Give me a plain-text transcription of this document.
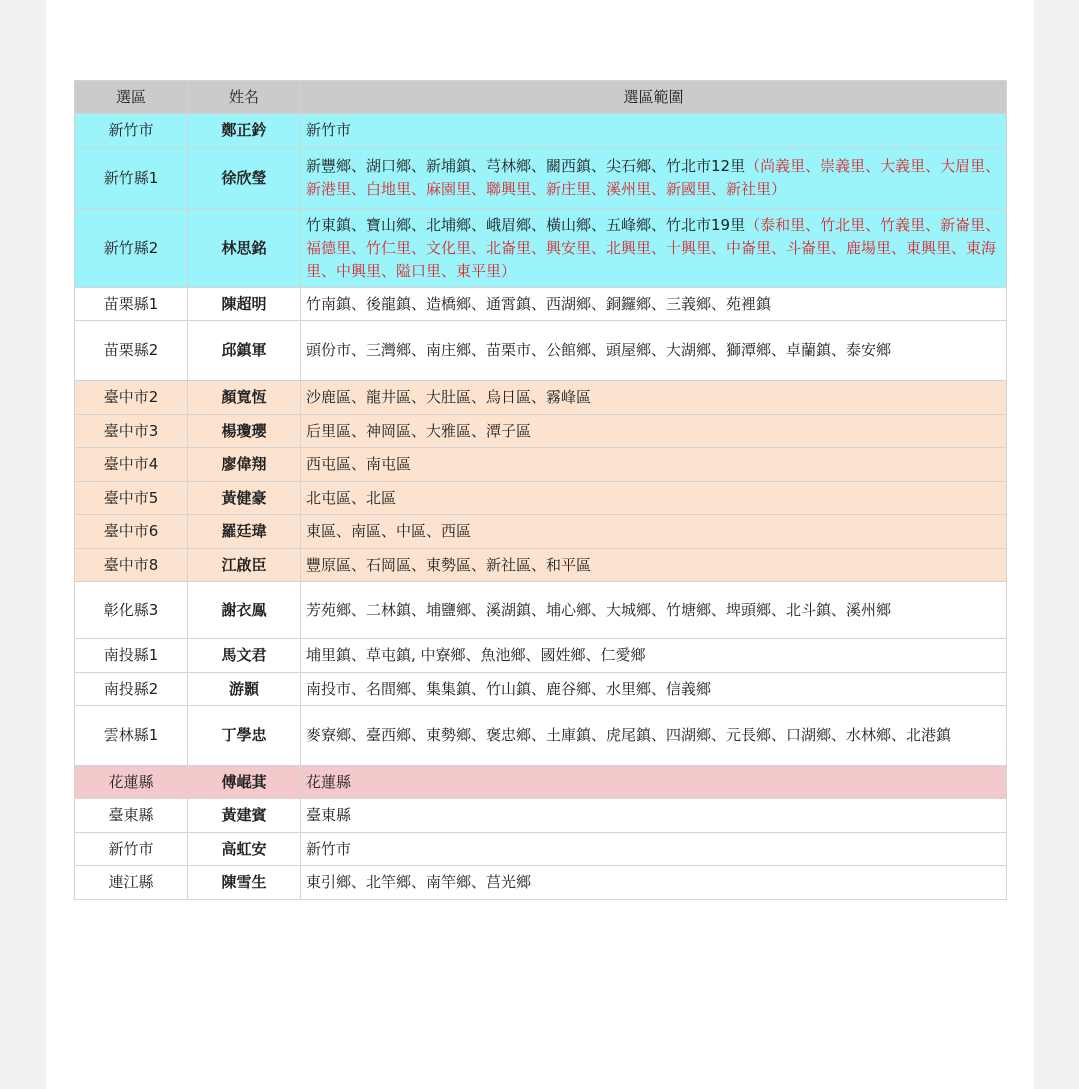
選區	姓名	選區範圍
新竹市	鄭正鈐	新竹市
新竹縣1	徐欣瑩	新豐鄉、湖口鄉、新埔鎮、芎林鄉、關西鎮、尖石鄉、竹北市12里（尚義里、崇義里、大義里、大眉里、新港里、白地里、麻園里、聯興里、新庄里、溪州里、新國里、新社里）
新竹縣2	林思銘	竹東鎮、寶山鄉、北埔鄉、峨眉鄉、橫山鄉、五峰鄉、竹北市19里（泰和里、竹北里、竹義里、新崙里、福德里、竹仁里、文化里、北崙里、興安里、北興里、十興里、中崙里、斗崙里、鹿場里、東興里、東海里、中興里、隘口里、東平里）
苗栗縣1	陳超明	竹南鎮、後龍鎮、造橋鄉、通霄鎮、西湖鄉、銅鑼鄉、三義鄉、苑裡鎮
苗栗縣2	邱鎮軍	頭份市、三灣鄉、南庄鄉、苗栗市、公館鄉、頭屋鄉、大湖鄉、獅潭鄉、卓蘭鎮、泰安鄉
臺中市2	顏寬恆	沙鹿區、龍井區、大肚區、烏日區、霧峰區
臺中市3	楊瓊瓔	后里區、神岡區、大雅區、潭子區
臺中市4	廖偉翔	西屯區、南屯區
臺中市5	黃健豪	北屯區、北區
臺中市6	羅廷瑋	東區、南區、中區、西區
臺中市8	江啟臣	豐原區、石岡區、東勢區、新社區、和平區
彰化縣3	謝衣鳯	芳苑鄉、二林鎮、埔鹽鄉、溪湖鎮、埔心鄉、大城鄉、竹塘鄉、埤頭鄉、北斗鎮、溪州鄉
南投縣1	馬文君	埔里鎮、草屯鎮, 中寮鄉、魚池鄉、國姓鄉、仁愛鄉
南投縣2	游顥	南投市、名間鄉、集集鎮、竹山鎮、鹿谷鄉、水里鄉、信義鄉
雲林縣1	丁學忠	麥寮鄉、臺西鄉、東勢鄉、褒忠鄉、土庫鎮、虎尾鎮、四湖鄉、元長鄉、口湖鄉、水林鄉、北港鎮
花蓮縣	傅崐萁	花蓮縣
臺東縣	黃建賓	臺東縣
新竹市	高虹安	新竹市
連江縣	陳雪生	東引鄉、北竿鄉、南竿鄉、莒光鄉
